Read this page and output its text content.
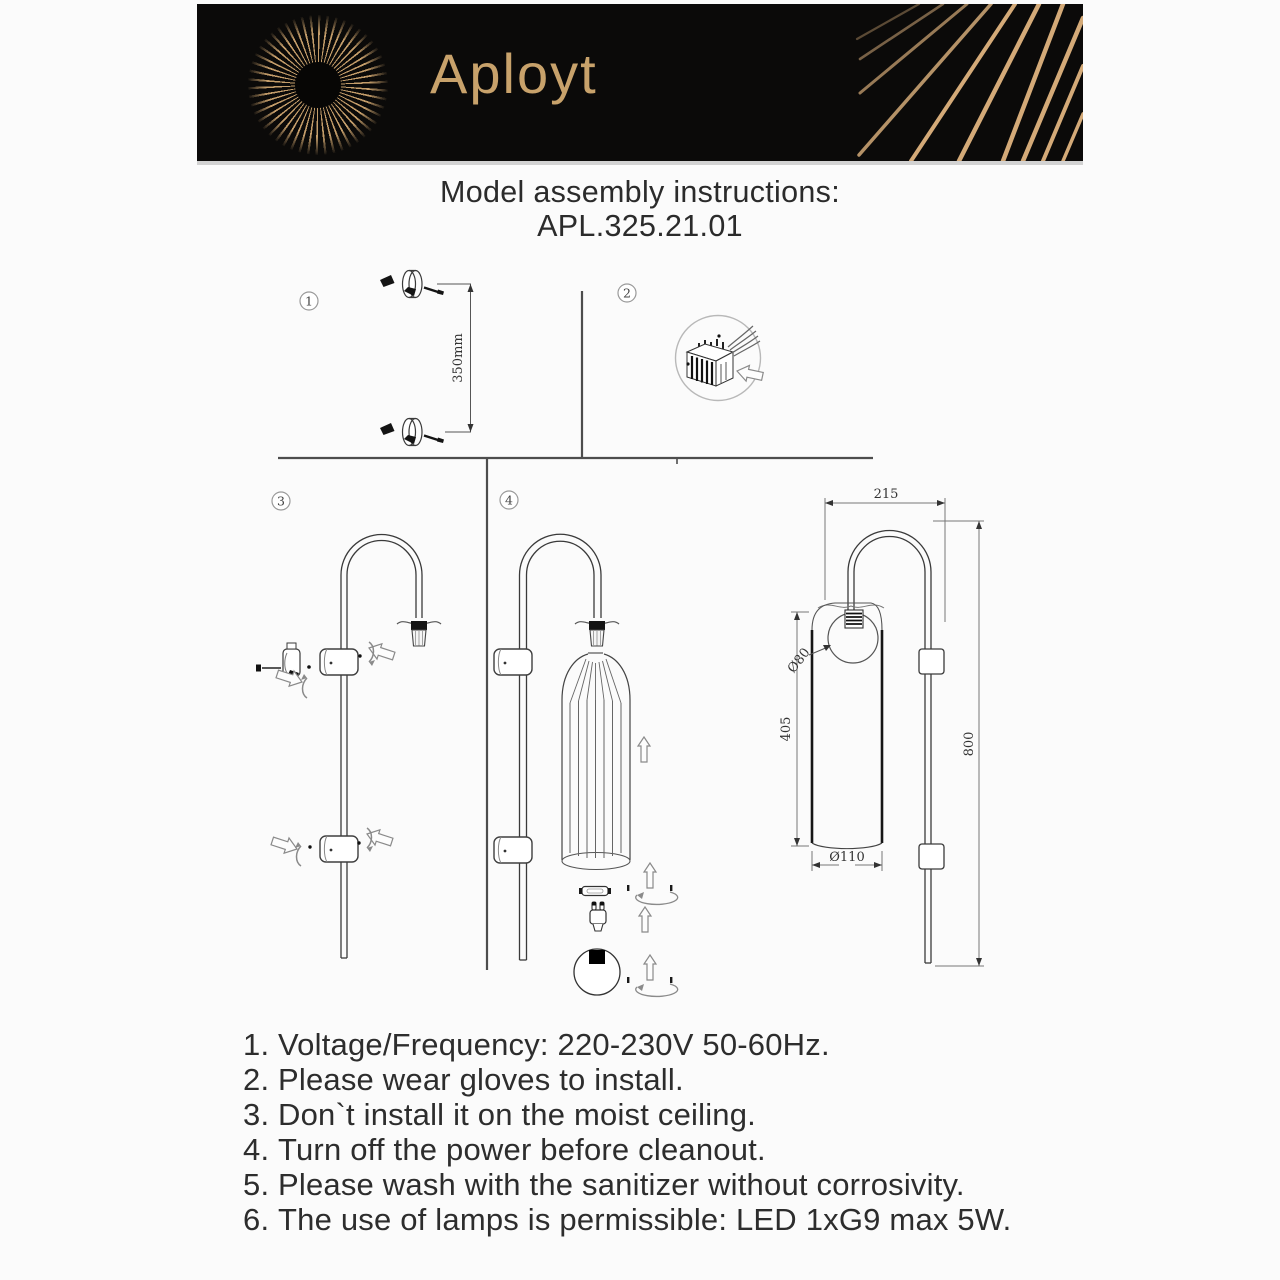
Aployt
Model assembly instructions:
APL.325.21.01
1
2
3	4
350mm
215
800
405
Ø80
Ø110
1. Voltage/Frequency: 220-230V 50-60Hz.
2. Please wear gloves to install.
3. Don`t install it on the moist ceiling.
4. Turn off the power before cleanout.
5. Please wash with the sanitizer without corrosivity.
6. The use of lamps is permissible: LED 1xG9 max 5W.
